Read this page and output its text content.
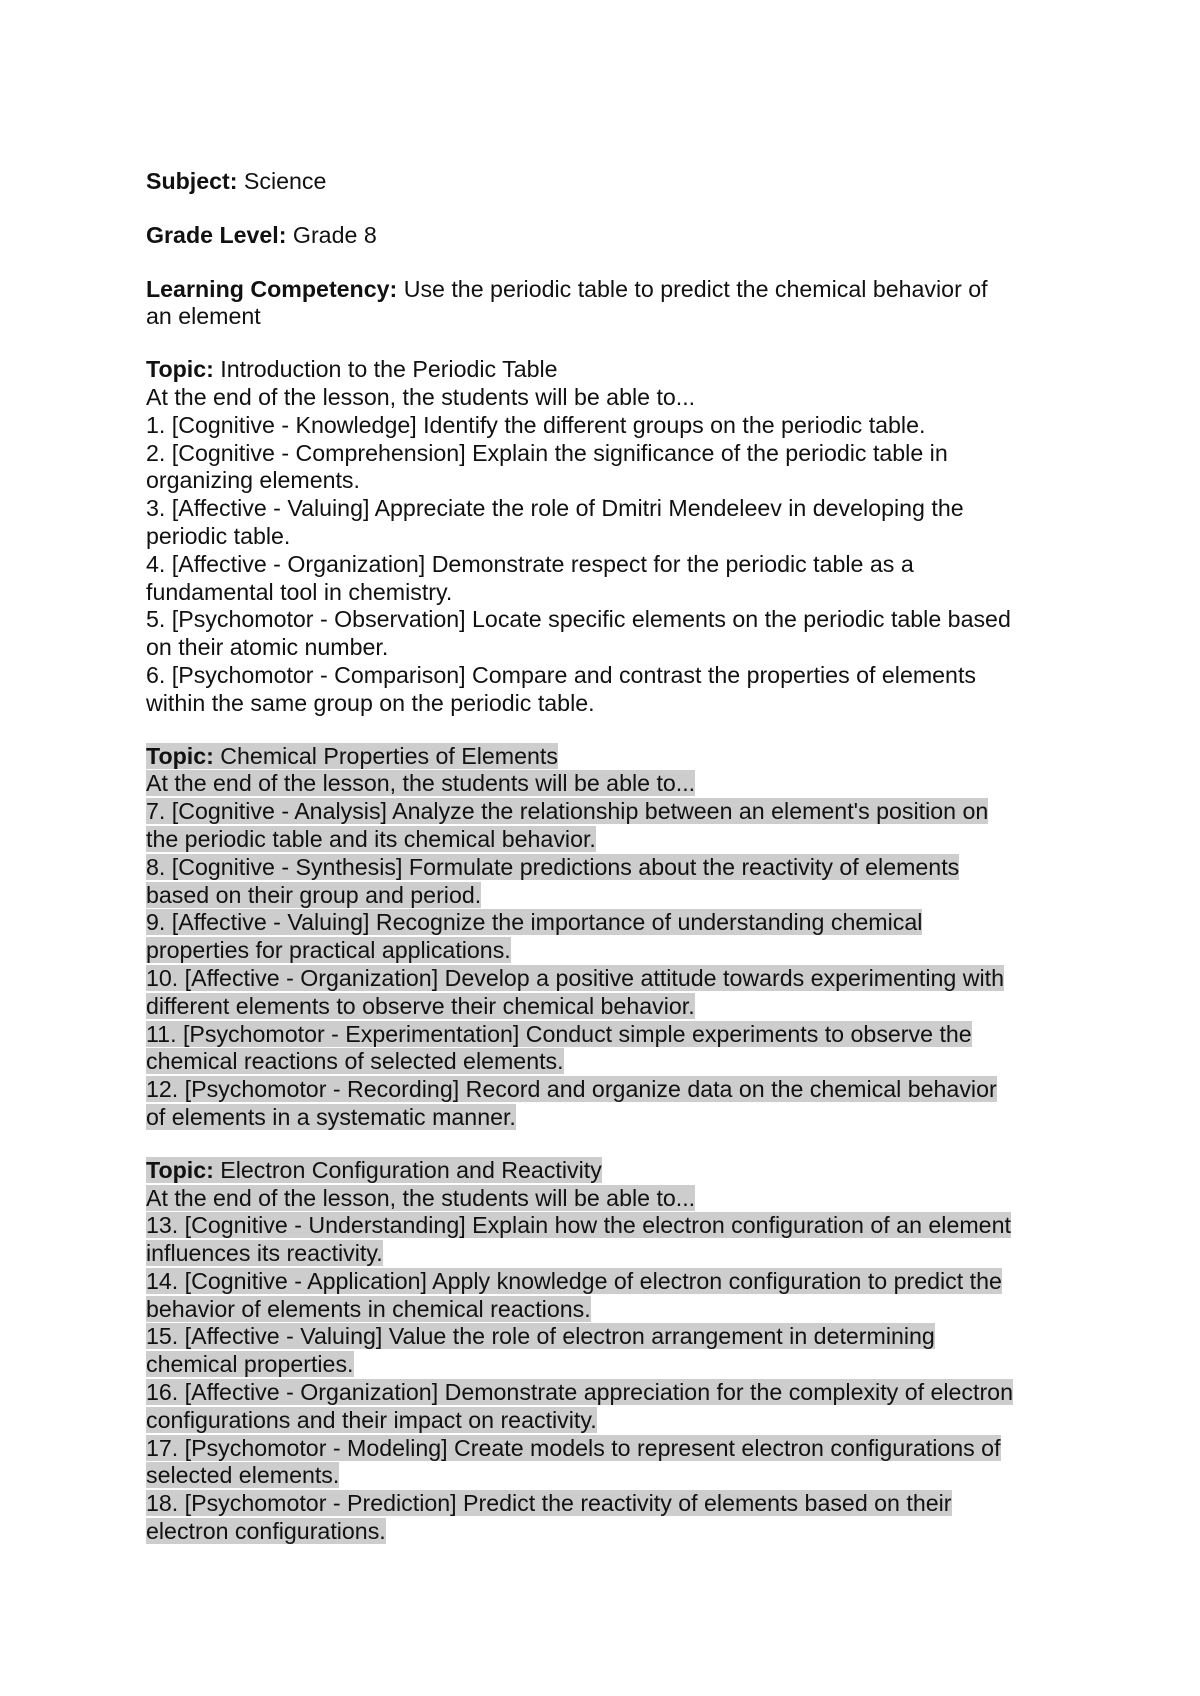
Subject: Science
Grade Level: Grade 8
Learning Competency: Use the periodic table to predict the chemical behavior of
an element
Topic: Introduction to the Periodic Table
At the end of the lesson, the students will be able to...
1. [Cognitive - Knowledge] Identify the different groups on the periodic table.
2. [Cognitive - Comprehension] Explain the significance of the periodic table in
organizing elements.
3. [Affective - Valuing] Appreciate the role of Dmitri Mendeleev in developing the
periodic table.
4. [Affective - Organization] Demonstrate respect for the periodic table as a
fundamental tool in chemistry.
5. [Psychomotor - Observation] Locate specific elements on the periodic table based
on their atomic number.
6. [Psychomotor - Comparison] Compare and contrast the properties of elements
within the same group on the periodic table.
Topic: Chemical Properties of Elements
At the end of the lesson, the students will be able to...
7. [Cognitive - Analysis] Analyze the relationship between an element's position on
the periodic table and its chemical behavior.
8. [Cognitive - Synthesis] Formulate predictions about the reactivity of elements
based on their group and period.
9. [Affective - Valuing] Recognize the importance of understanding chemical
properties for practical applications.
10. [Affective - Organization] Develop a positive attitude towards experimenting with
different elements to observe their chemical behavior.
11. [Psychomotor - Experimentation] Conduct simple experiments to observe the
chemical reactions of selected elements.
12. [Psychomotor - Recording] Record and organize data on the chemical behavior
of elements in a systematic manner.
Topic: Electron Configuration and Reactivity
At the end of the lesson, the students will be able to...
13. [Cognitive - Understanding] Explain how the electron configuration of an element
influences its reactivity.
14. [Cognitive - Application] Apply knowledge of electron configuration to predict the
behavior of elements in chemical reactions.
15. [Affective - Valuing] Value the role of electron arrangement in determining
chemical properties.
16. [Affective - Organization] Demonstrate appreciation for the complexity of electron
configurations and their impact on reactivity.
17. [Psychomotor - Modeling] Create models to represent electron configurations of
selected elements.
18. [Psychomotor - Prediction] Predict the reactivity of elements based on their
electron configurations.
